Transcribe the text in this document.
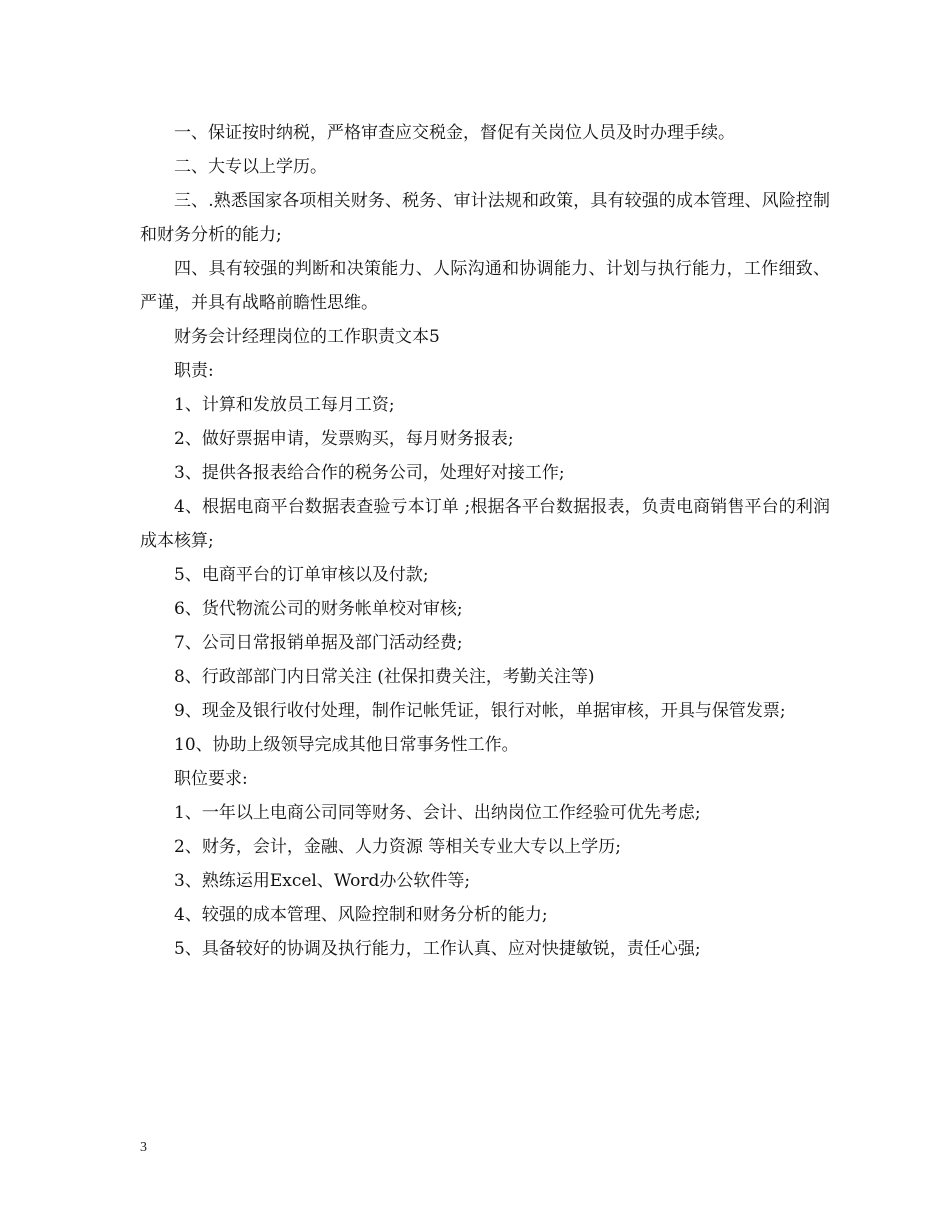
一、保证按时纳税，严格审查应交税金，督促有关岗位人员及时办理手续。

二、大专以上学历。

三、.熟悉国家各项相关财务、税务、审计法规和政策，具有较强的成本管理、风险控制和财务分析的能力;

四、具有较强的判断和决策能力、人际沟通和协调能力、计划与执行能力，工作细致、严谨，并具有战略前瞻性思维。

财务会计经理岗位的工作职责文本5

职责:

1、计算和发放员工每月工资;

2、做好票据申请，发票购买，每月财务报表;

3、提供各报表给合作的税务公司，处理好对接工作;

4、根据电商平台数据表查验亏本订单 ;根据各平台数据报表，负责电商销售平台的利润成本核算;

5、电商平台的订单审核以及付款;

6、货代物流公司的财务帐单校对审核;

7、公司日常报销单据及部门活动经费;

8、行政部部门内日常关注 (社保扣费关注，考勤关注等)

9、现金及银行收付处理，制作记帐凭证，银行对帐，单据审核，开具与保管发票;

10、协助上级领导完成其他日常事务性工作。

职位要求:

1、一年以上电商公司同等财务、会计、出纳岗位工作经验可优先考虑;

2、财务，会计，金融、人力资源 等相关专业大专以上学历;

3、熟练运用Excel、Word办公软件等;

4、较强的成本管理、风险控制和财务分析的能力;

5、具备较好的协调及执行能力，工作认真、应对快捷敏锐，责任心强;

3
